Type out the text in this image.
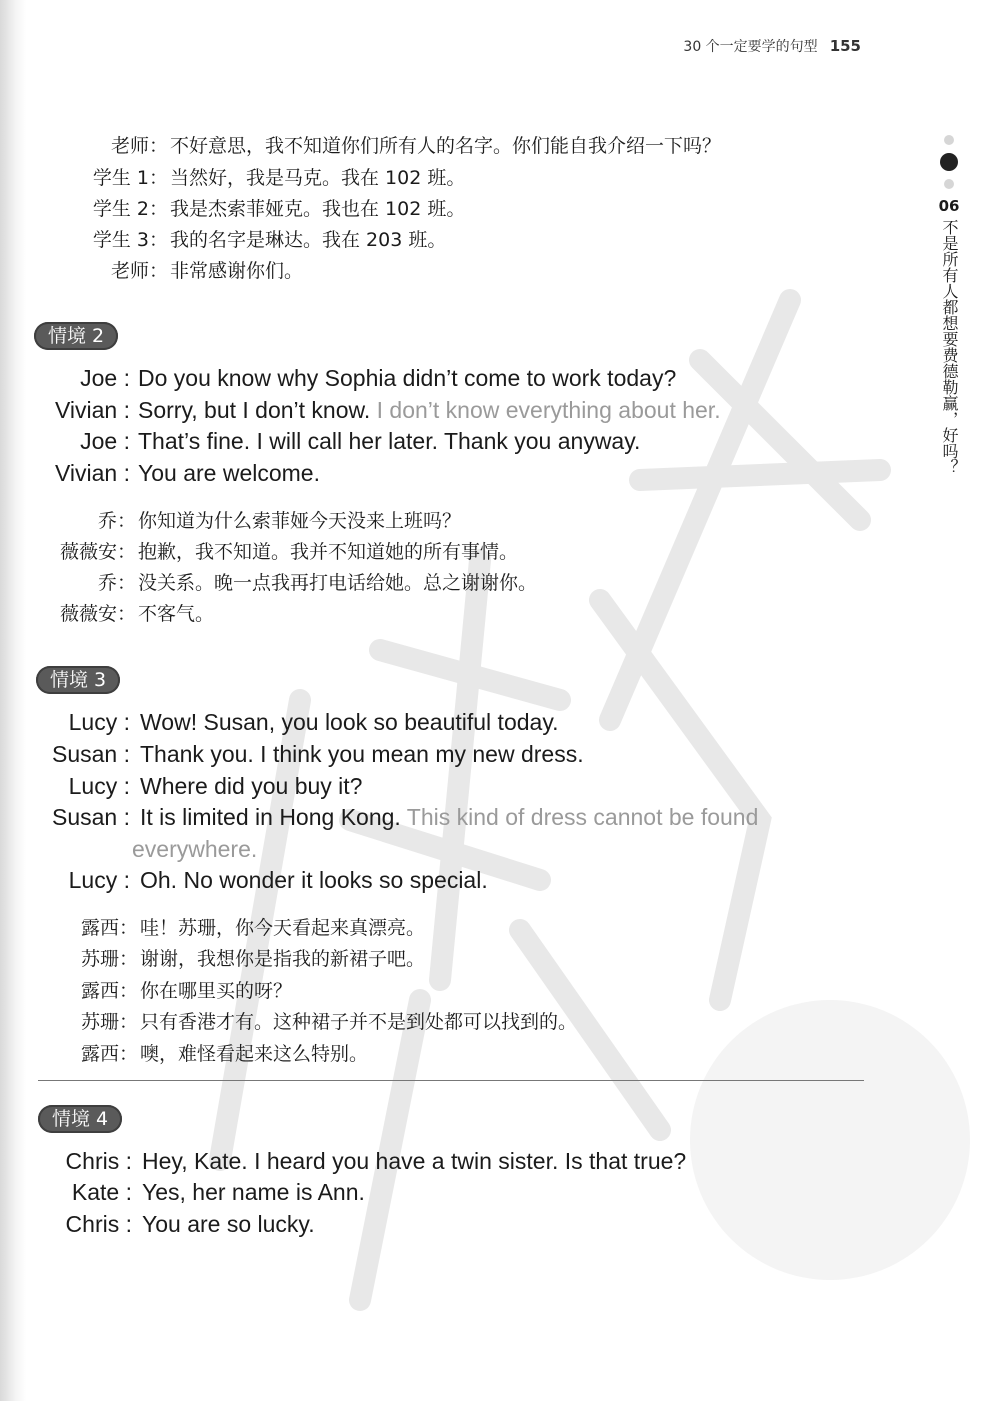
30 个一定要学的句型 155
06
不是所有人都想要费德勒赢，好吗？
老师： 不好意思，我不知道你们所有人的名字。你们能自我介绍一下吗？
学生 1： 当然好，我是马克。我在 102 班。
学生 2： 我是杰索菲娅克。我也在 102 班。
学生 3： 我的名字是琳达。我在 203 班。
老师： 非常感谢你们。
情境 2
Joe : Do you know why Sophia didn’t come to work today?
Vivian : Sorry, but I don’t know. I don’t know everything about her.
Joe : That’s fine. I will call her later. Thank you anyway.
Vivian : You are welcome.
乔： 你知道为什么索菲娅今天没来上班吗？
薇薇安： 抱歉，我不知道。我并不知道她的所有事情。
乔： 没关系。晚一点我再打电话给她。总之谢谢你。
薇薇安： 不客气。
情境 3
Lucy : Wow! Susan, you look so beautiful today.
Susan : Thank you. I think you mean my new dress.
Lucy : Where did you buy it?
Susan : It is limited in Hong Kong. This kind of dress cannot be found
everywhere.
Lucy : Oh. No wonder it looks so special.
露西： 哇！苏珊，你今天看起来真漂亮。
苏珊： 谢谢，我想你是指我的新裙子吧。
露西： 你在哪里买的呀？
苏珊： 只有香港才有。这种裙子并不是到处都可以找到的。
露西： 噢，难怪看起来这么特别。
情境 4
Chris : Hey, Kate. I heard you have a twin sister. Is that true?
Kate : Yes, her name is Ann.
Chris : You are so lucky.
